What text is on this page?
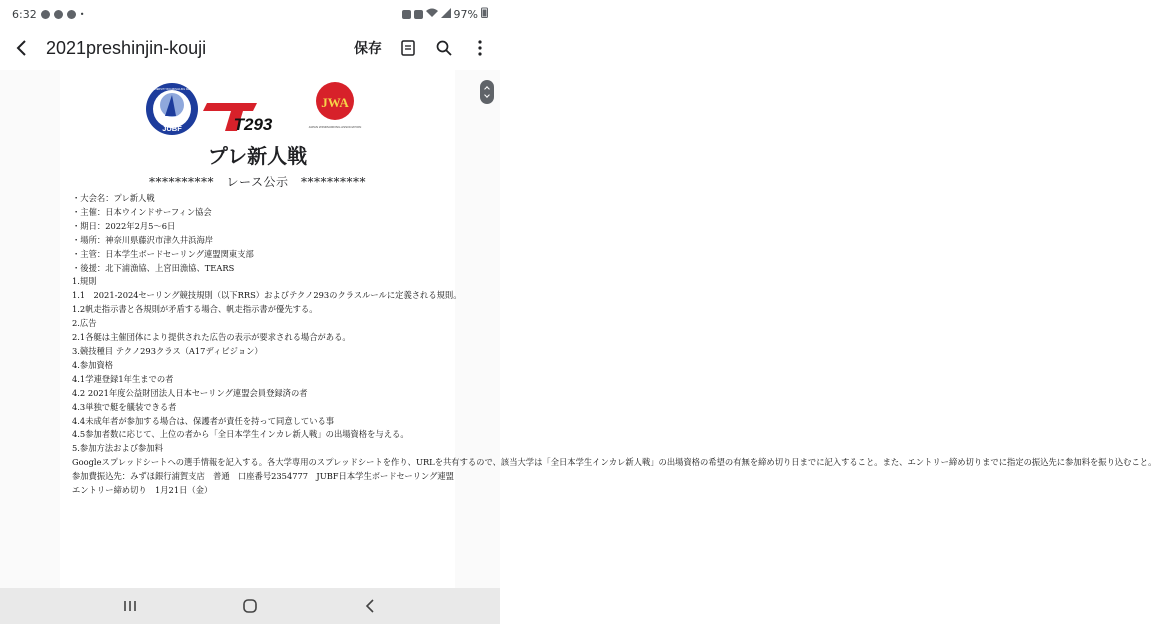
6:32	•	97%
2021preshinjin-kouji	保存
JUBF
JAPAN UNIVERSITY BOARDSAILING FEDERATION
T293
JWA
JAPAN WINDSURFING ASSOCIATION
プレ新人戦
**********　レース公示　**********
・大会名：プレ新人戦
・主催：日本ウインドサーフィン協会
・期日：2022年2月5〜6日
・場所：神奈川県藤沢市津久井浜海岸
・主管：日本学生ボードセーリング連盟関東支部
・後援：北下浦漁協、上宮田漁協、TEARS
1.規則
1.1　2021-2024セーリング競技規則（以下RRS）およびテクノ293のクラスルールに定義される規則。
1.2帆走指示書と各規則が矛盾する場合、帆走指示書が優先する。
2.広告
2.1各艇は主催団体により提供された広告の表示が要求される場合がある。
3.競技種目 テクノ293クラス（A17ディビジョン）
4.参加資格
4.1学連登録1年生までの者
4.2 2021年度公益財団法人日本セーリング連盟会員登録済の者
4.3単独で艇を艤装できる者
4.4未成年者が参加する場合は、保護者が責任を持って同意している事
4.5参加者数に応じて、上位の者から「全日本学生インカレ新人戦」の出場資格を与える。
5.参加方法および参加料
Googleスプレッドシートへの選手情報を記入する。各大学専用のスプレッドシートを作り、URLを共有するので、該当大学は「全日本学生インカレ新人戦」の出場資格の希望の有無を締め切り日までに記入すること。また、エントリー締め切りまでに指定の振込先に参加料を振り込むこと。
参加費振込先：みずほ銀行浦賀支店　普通　口座番号2354777　JUBF日本学生ボードセーリング連盟
エントリー締め切り　1月21日（金）
